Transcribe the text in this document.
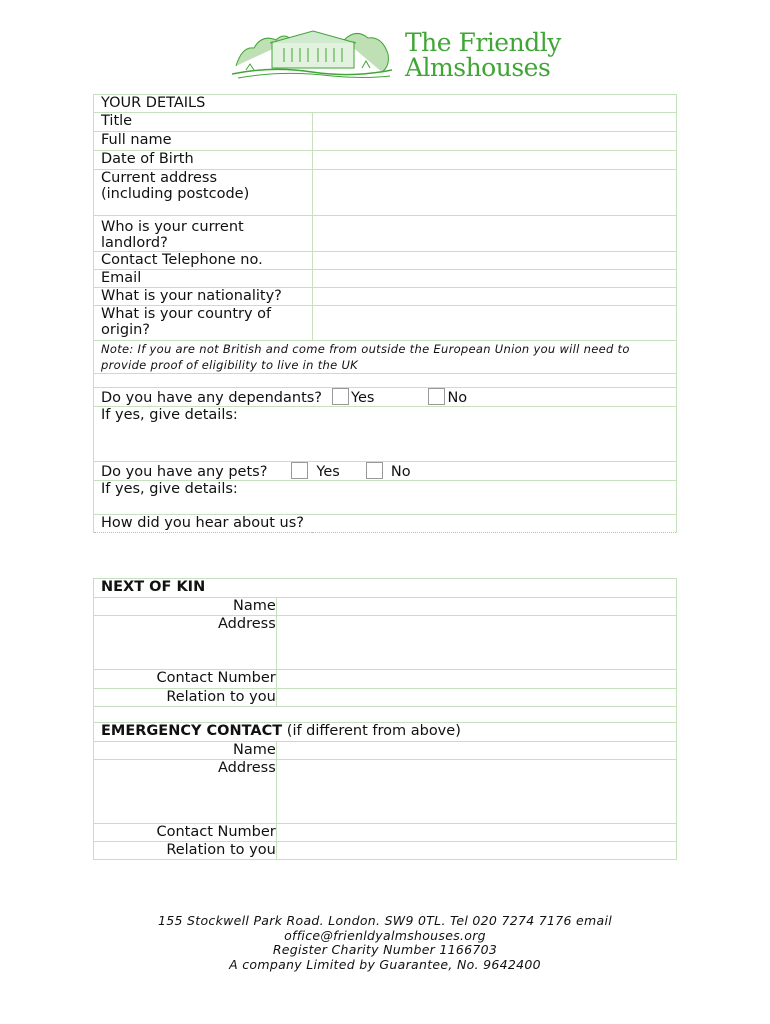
The Friendly
Almshouses
YOUR DETAILS	
Title	
Full name	
Date of Birth	

Current address
(including postcode)	

Who is your current
landlord?	

Contact Telephone no.	
Email	
What is your nationality?	

What is your country of
origin?	

Note: If you are not British and come from outside the European Union you will need to
provide proof of eligibility to live in the UK	

Do you have any dependants? Yes No	
If yes, give details:	
Do you have any pets? Yes No	
If yes, give details:	
How did you hear about us?	
NEXT OF KIN	
Name	
Address	
Contact Number	
Relation to you	

EMERGENCY CONTACT (if different from above)	
Name	
Address	
Contact Number	
Relation to you	
155 Stockwell Park Road. London. SW9 0TL. Tel 020 7274 7176 email
office@frienldyalmshouses.org
Register Charity Number 1166703
A company Limited by Guarantee, No. 9642400
